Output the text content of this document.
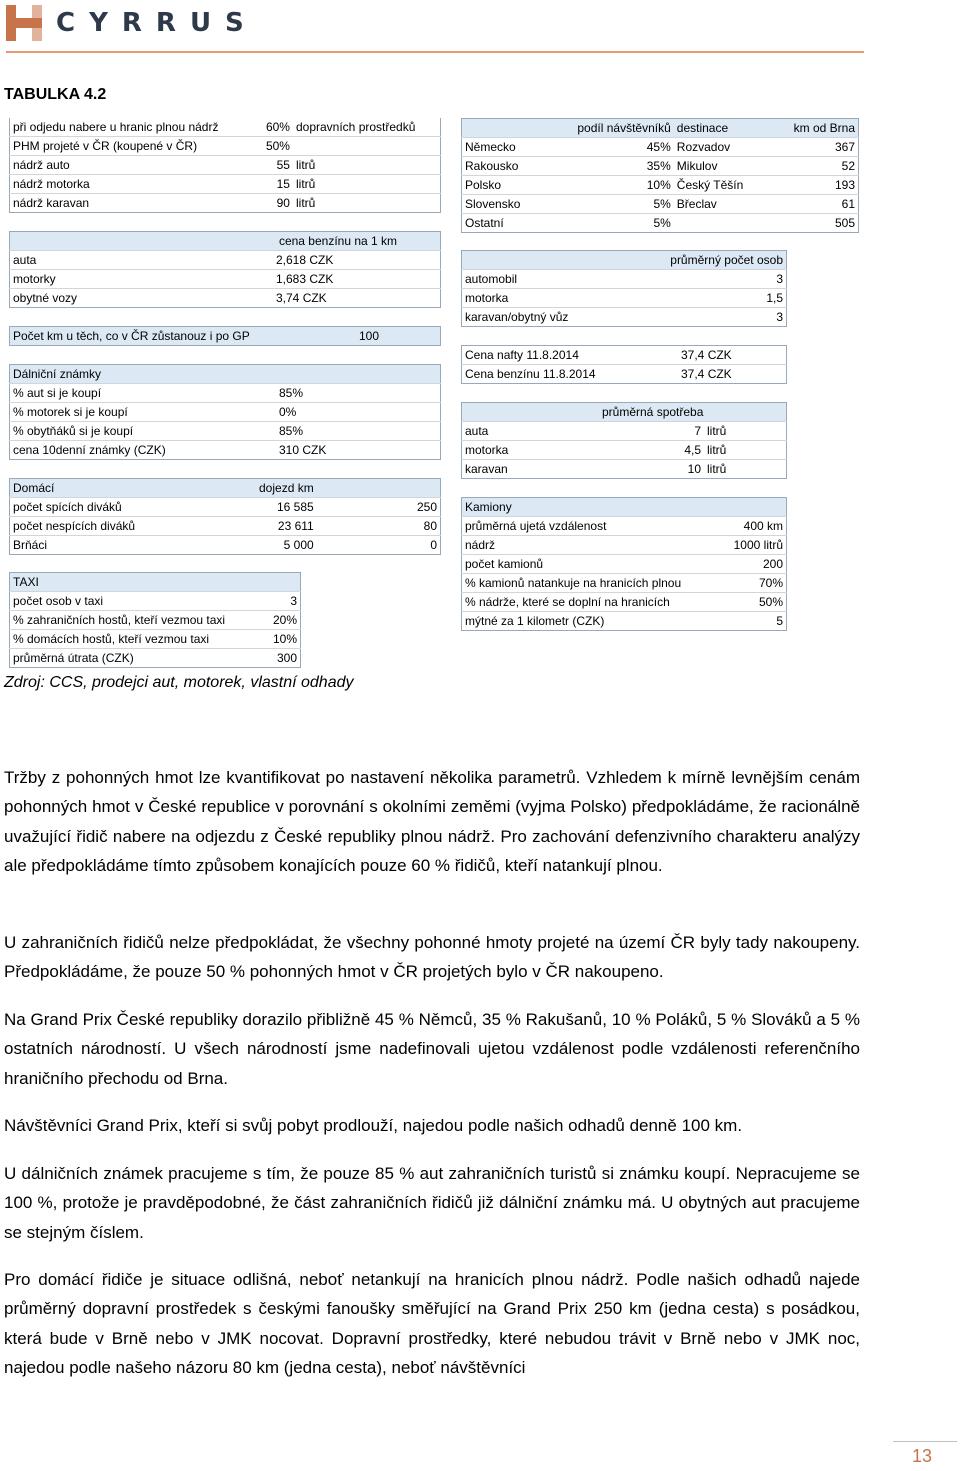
CYRRUS
TABULKA 4.2
při odjedu nabere u hranic plnou nádrž	60%	dopravních prostředků
PHM projeté v ČR (koupené v ČR)	50%	
nádrž auto	55	litrů
nádrž motorka	15	litrů
nádrž karavan	90	litrů
	cena benzínu na 1 km
auta	2,618 CZK
motorky	1,683 CZK
obytné vozy	3,74 CZK
Počet km u těch, co v ČR zůstanouz i po GP	100
Dálniční známky	
% aut si je koupí	85%
% motorek si je koupí	0%
% obytňáků si je koupí	85%
cena 10denní známky (CZK)	310 CZK
Domácí	dojezd km	
počet spících diváků	16 585	250
počet nespících diváků	23 611	80
Brňáci	5 000	0
TAXI	
počet osob v taxi	3
% zahraničních hostů, kteří vezmou taxi	20%
% domácích hostů, kteří vezmou taxi	10%
průměrná útrata (CZK)	300
	podíl návštěvníků	destinace	km od Brna
Německo	45%	Rozvadov	367
Rakousko	35%	Mikulov	52
Polsko	10%	Český Těšín	193
Slovensko	5%	Břeclav	61
Ostatní	5%		505
	průměrný počet osob
automobil	3
motorka	1,5
karavan/obytný vůz	3
Cena nafty 11.8.2014	37,4 CZK
Cena benzínu 11.8.2014	37,4 CZK
průměrná spotřeba		
auta	7	litrů
motorka	4,5	litrů
karavan	10	litrů
Kamiony	
průměrná ujetá vzdálenost	400 km
nádrž	1000 litrů
počet kamionů	200
% kamionů natankuje na hranicích plnou	70%
% nádrže, které se doplní na hranicích	50%
mýtné za 1 kilometr (CZK)	5
Zdroj: CCS, prodejci aut, motorek, vlastní odhady

Tržby z pohonných hmot lze kvantifikovat po nastavení několika parametrů. Vzhledem k mírně levnějším cenám pohonných hmot v České republice v porovnání s okolními zeměmi (vyjma Polsko) předpokládáme, že racionálně uvažující řidič nabere na odjezdu z České republiky plnou nádrž. Pro zachování defenzivního charakteru analýzy ale předpokládáme tímto způsobem konajících pouze 60 % řidičů, kteří natankují plnou.

U zahraničních řidičů nelze předpokládat, že všechny pohonné hmoty projeté na území ČR byly tady nakoupeny. Předpokládáme, že pouze 50 % pohonných hmot v ČR projetých bylo v ČR nakoupeno.

Na Grand Prix České republiky dorazilo přibližně 45 % Němců, 35 % Rakušanů, 10 % Poláků, 5 % Slováků a 5 % ostatních národností. U všech národností jsme nadefinovali ujetou vzdálenost podle vzdálenosti referenčního hraničního přechodu od Brna.

Návštěvníci Grand Prix, kteří si svůj pobyt prodlouží, najedou podle našich odhadů denně 100 km.

U dálničních známek pracujeme s tím, že pouze 85 % aut zahraničních turistů si známku koupí. Nepracujeme se 100 %, protože je pravděpodobné, že část zahraničních řidičů již dálniční známku má. U obytných aut pracujeme se stejným číslem.

Pro domácí řidiče je situace odlišná, neboť netankují na hranicích plnou nádrž. Podle našich odhadů najede průměrný dopravní prostředek s českými fanoušky směřující na Grand Prix 250 km (jedna cesta) s posádkou, která bude v Brně nebo v JMK nocovat. Dopravní prostředky, které nebudou trávit v Brně nebo v JMK noc, najedou podle našeho názoru 80 km (jedna cesta), neboť návštěvníci

13
